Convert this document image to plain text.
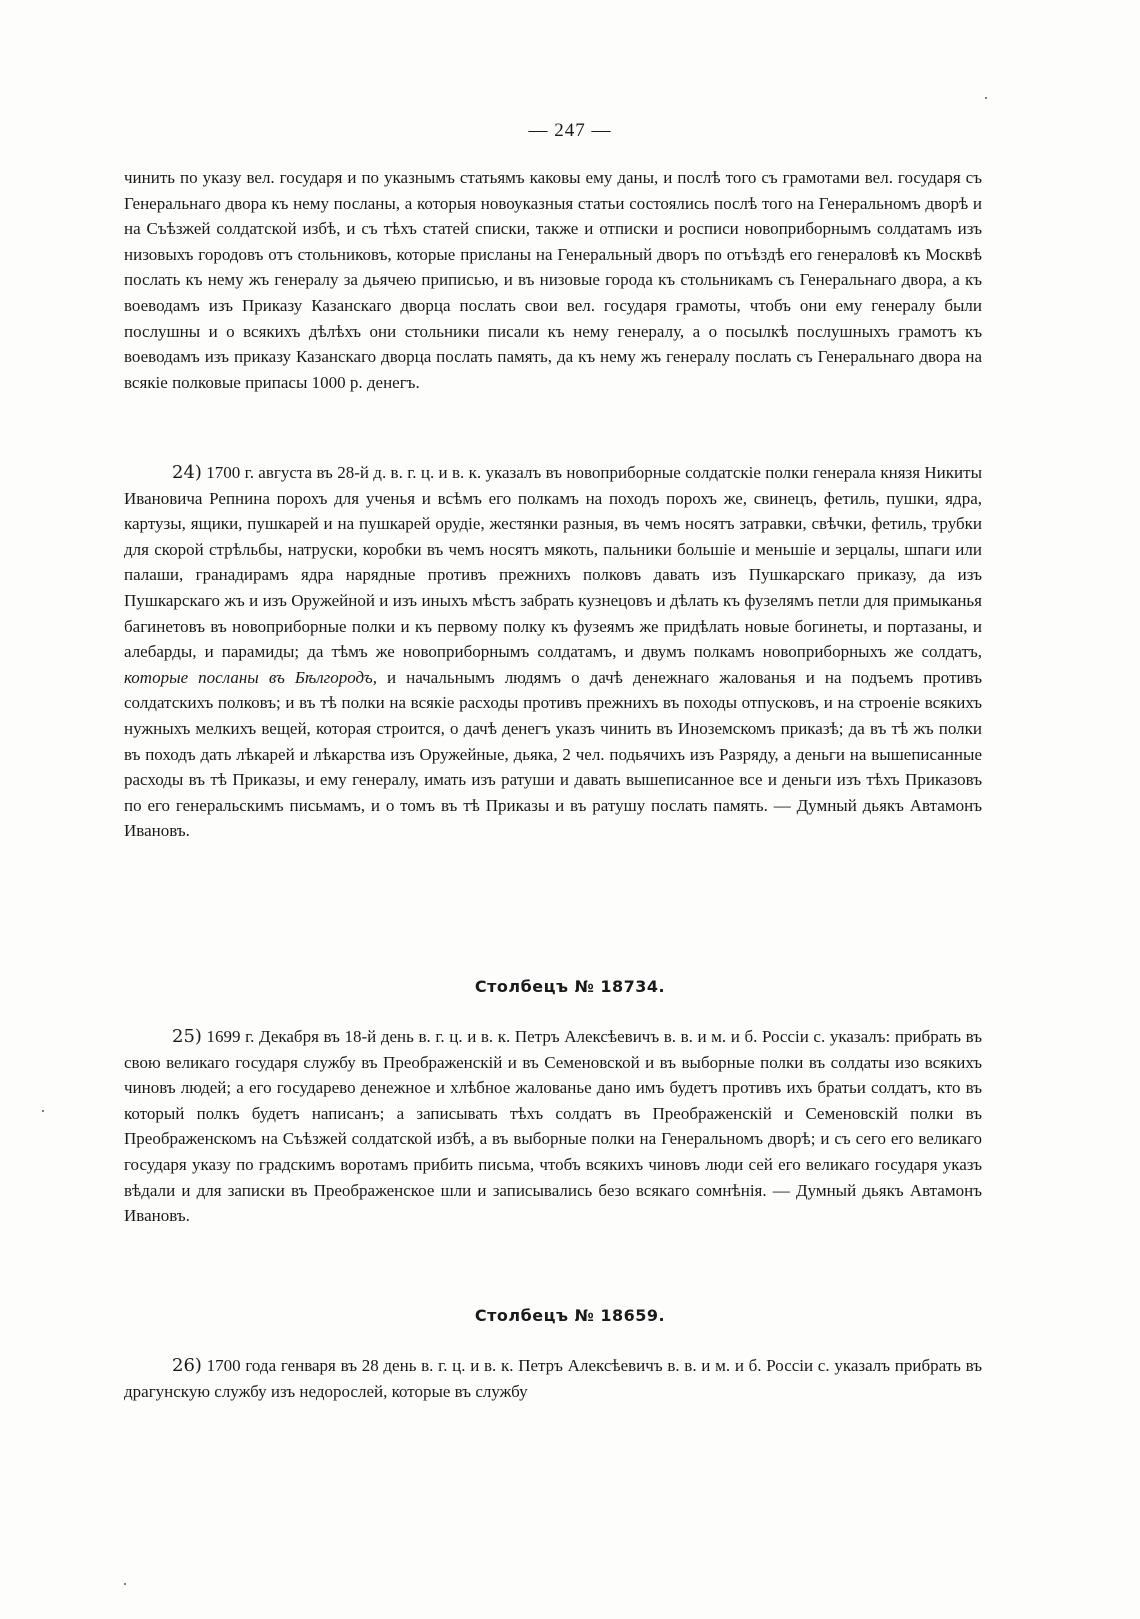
— 247 —
чинить по указу вел. государя и по указнымъ статьямъ каковы ему даны, и послѣ того съ грамотами вел. государя съ Генеральнаго двора къ нему посланы, а которыя новоуказныя статьи состоялись послѣ того на Генеральномъ дворѣ и на Съѣзжей солдатской избѣ, и съ тѣхъ статей списки, также и отписки и росписи новоприборнымъ солдатамъ изъ низовыхъ городовъ отъ стольниковъ, которые присланы на Генеральный дворъ по отъѣздѣ его генераловѣ къ Москвѣ послать къ нему жъ генералу за дьячею приписью, и въ низовые города къ стольникамъ съ Генеральнаго двора, а къ воеводамъ изъ Приказу Казанскаго дворца послать свои вел. государя грамоты, чтобъ они ему генералу были послушны и о всякихъ дѣлѣхъ они стольники писали къ нему генералу, а о посылкѣ послушныхъ грамотъ къ воеводамъ изъ приказу Казанскаго дворца послать память, да къ нему жъ генералу послать съ Генеральнаго двора на всякіе полковые припасы 1000 р. денегъ.
24) 1700 г. августа въ 28-й д. в. г. ц. и в. к. указалъ въ новоприборные солдатскіе полки генерала князя Никиты Ивановича Репнина порохъ для ученья и всѣмъ его полкамъ на походъ порохъ же, свинецъ, фетиль, пушки, ядра, картузы, ящики, пушкарей и на пушкарей орудіе, жестянки разныя, въ чемъ носятъ затравки, свѣчки, фетиль, трубки для скорой стрѣльбы, натруски, коробки въ чемъ носятъ мякоть, пальники большіе и меньшіе и зерцалы, шпаги или палаши, гранадирамъ ядра нарядные противъ прежнихъ полковъ давать изъ Пушкарскаго приказу, да изъ Пушкарскаго жъ и изъ Оружейной и изъ иныхъ мѣстъ забрать кузнецовъ и дѣлать къ фузелямъ петли для примыканья багинетовъ въ новоприборные полки и къ первому полку къ фузеямъ же придѣлать новые богинеты, и портазаны, и алебарды, и парамиды; да тѣмъ же новоприборнымъ солдатамъ, и двумъ полкамъ новоприборныхъ же солдатъ, которые посланы въ Бѣлгородъ, и начальнымъ людямъ о дачѣ денежнаго жалованья и на подъемъ противъ солдатскихъ полковъ; и въ тѣ полки на всякіе расходы противъ прежнихъ въ походы отпусковъ, и на строеніе всякихъ нужныхъ мелкихъ вещей, которая строится, о дачѣ денегъ указъ чинить въ Иноземскомъ приказѣ; да въ тѣ жъ полки въ походъ дать лѣкарей и лѣкарства изъ Оружейные, дьяка, 2 чел. подьячихъ изъ Разряду, а деньги на вышеписанные расходы въ тѣ Приказы, и ему генералу, имать изъ ратуши и давать вышеписанное все и деньги изъ тѣхъ Приказовъ по его генеральскимъ письмамъ, и о томъ въ тѣ Приказы и въ ратушу послать память. — Думный дьякъ Автамонъ Ивановъ.
Столбецъ № 18734.
25) 1699 г. Декабря въ 18-й день в. г. ц. и в. к. Петръ Алексѣевичъ в. в. и м. и б. Россіи с. указалъ: прибрать въ свою великаго государя службу въ Преображенскій и въ Семеновской и въ выборные полки въ солдаты изо всякихъ чиновъ людей; а его государево денежное и хлѣбное жалованье дано имъ будетъ противъ ихъ братьи солдатъ, кто въ который полкъ будетъ написанъ; а записывать тѣхъ солдатъ въ Преображенскій и Семеновскій полки въ Преображенскомъ на Съѣзжей солдатской избѣ, а въ выборные полки на Генеральномъ дворѣ; и съ сего его великаго государя указу по градскимъ воротамъ прибить письма, чтобъ всякихъ чиновъ люди сей его великаго государя указъ вѣдали и для записки въ Преображенское шли и записывались безо всякаго сомнѣнія. — Думный дьякъ Автамонъ Ивановъ.
Столбецъ № 18659.
26) 1700 года генваря въ 28 день в. г. ц. и в. к. Петръ Алексѣевичъ в. в. и м. и б. Россіи с. указалъ прибрать въ драгунскую службу изъ недорослей, которые въ службу
